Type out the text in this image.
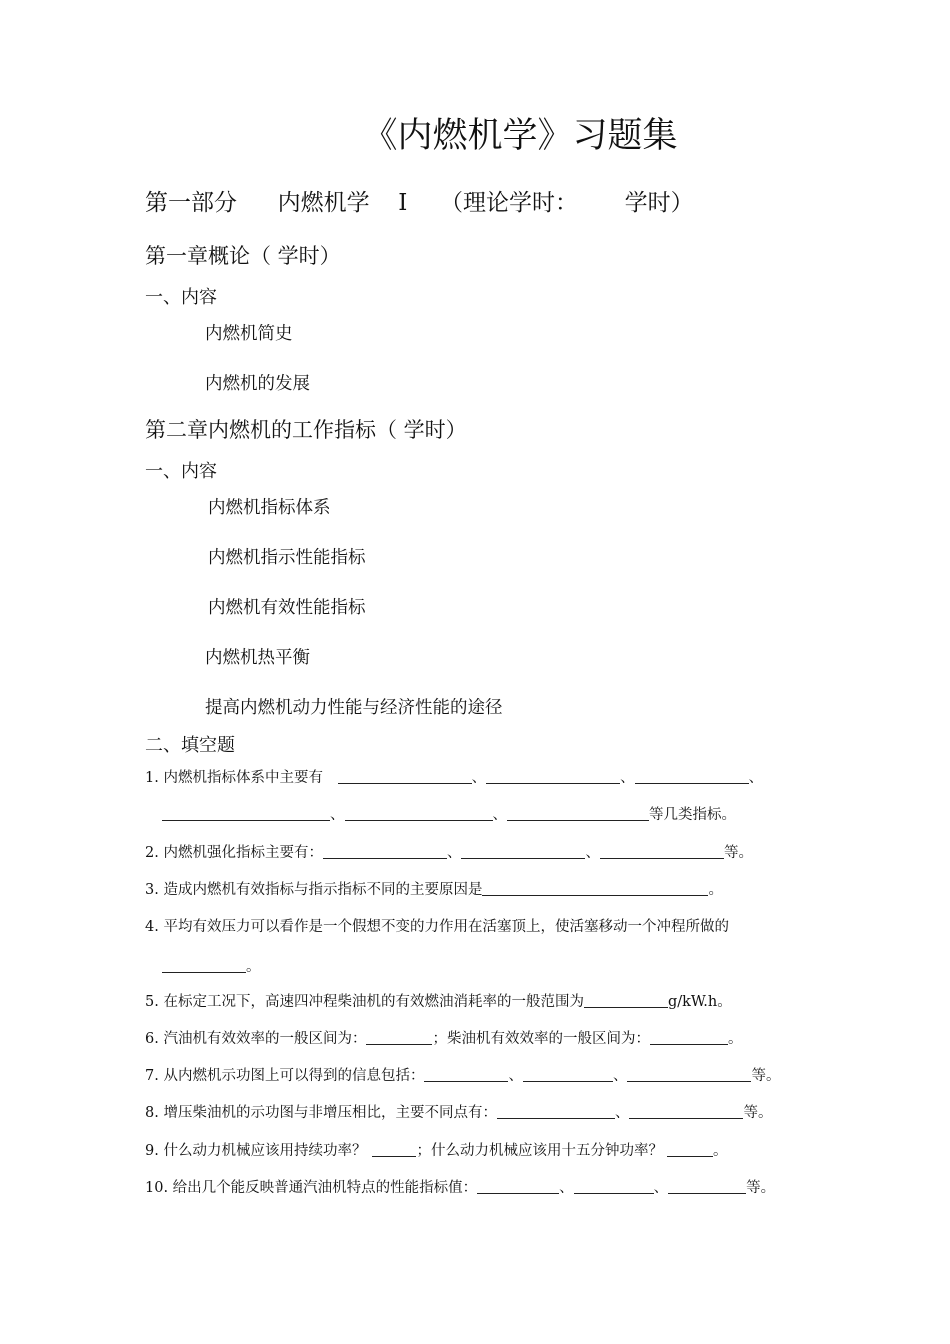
《内燃机学》习题集
第一部分 内燃机学 Ⅰ （理论学时： 学时）
第一章概论（ 学时）
一、内容
内燃机简史
内燃机的发展
第二章内燃机的工作指标（ 学时）
一、内容
内燃机指标体系
内燃机指示性能指标
内燃机有效性能指标
内燃机热平衡
提高内燃机动力性能与经济性能的途径
二、填空题
1. 内燃机指标体系中主要有	、	、	、
、	、	等几类指标。
2. 内燃机强化指标主要有：	、	、	等。
3. 造成内燃机有效指标与指示指标不同的主要原因是	。
4. 平均有效压力可以看作是一个假想不变的力作用在活塞顶上，使活塞移动一个冲程所做的
。
5. 在标定工况下，高速四冲程柴油机的有效燃油消耗率的一般范围为	g/kW.h。
6. 汽油机有效效率的一般区间为：	；柴油机有效效率的一般区间为：	。
7. 从内燃机示功图上可以得到的信息包括：	、	、	等。
8. 增压柴油机的示功图与非增压相比，主要不同点有：	、	等。
9. 什么动力机械应该用持续功率？	；什么动力机械应该用十五分钟功率？	。
10. 给出几个能反映普通汽油机特点的性能指标值：	、	、	等。
